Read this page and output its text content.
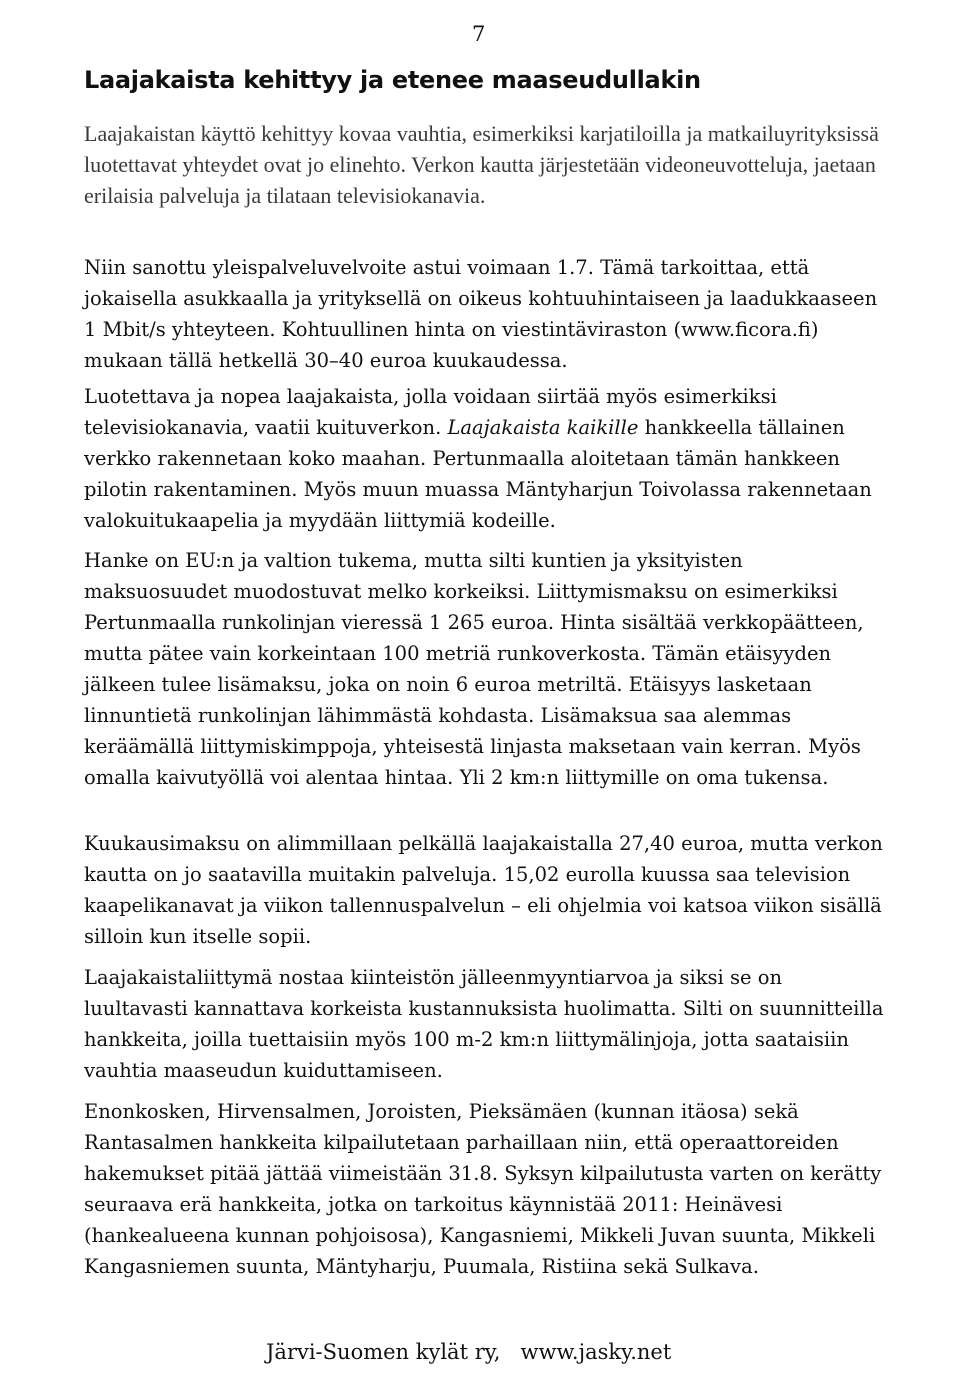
7
Laajakaista kehittyy ja etenee maaseudullakin

Laajakaistan käyttö kehittyy kovaa vauhtia, esimerkiksi karjatiloilla ja matkailuyrityksissä luotettavat yhteydet ovat jo elinehto. Verkon kautta järjestetään videoneuvotteluja, jaetaan erilaisia palveluja ja tilataan televisiokanavia.

Niin sanottu yleispalveluvelvoite astui voimaan 1.7. Tämä tarkoittaa, että jokaisella asukkaalla ja yrityksellä on oikeus kohtuuhintaiseen ja laadukkaaseen 1 Mbit/s yhteyteen. Kohtuullinen hinta on viestintäviraston (www.ficora.fi) mukaan tällä hetkellä 30–40 euroa kuukaudessa.

Luotettava ja nopea laajakaista, jolla voidaan siirtää myös esimerkiksi televisiokanavia, vaatii kuituverkon. Laajakaista kaikille hankkeella tällainen verkko rakennetaan koko maahan. Pertunmaalla aloitetaan tämän hankkeen pilotin rakentaminen. Myös muun muassa Mäntyharjun Toivolassa rakennetaan valokuitukaapelia ja myydään liittymiä kodeille.

Hanke on EU:n ja valtion tukema, mutta silti kuntien ja yksityisten maksuosuudet muodostuvat melko korkeiksi. Liittymismaksu on esimerkiksi Pertunmaalla runkolinjan vieressä 1 265 euroa. Hinta sisältää verkkopäätteen, mutta pätee vain korkeintaan 100 metriä runkoverkosta. Tämän etäisyyden jälkeen tulee lisämaksu, joka on noin 6 euroa metriltä. Etäisyys lasketaan linnuntietä runkolinjan lähimmästä kohdasta. Lisämaksua saa alemmas keräämällä liittymiskimppoja, yhteisestä linjasta maksetaan vain kerran. Myös omalla kaivutyöllä voi alentaa hintaa. Yli 2 km:n liittymille on oma tukensa.

Kuukausimaksu on alimmillaan pelkällä laajakaistalla 27,40 euroa, mutta verkon kautta on jo saatavilla muitakin palveluja. 15,02 eurolla kuussa saa television kaapelikanavat ja viikon tallennuspalvelun – eli ohjelmia voi katsoa viikon sisällä silloin kun itselle sopii.

Laajakaistaliittymä nostaa kiinteistön jälleenmyyntiarvoa ja siksi se on luultavasti kannattava korkeista kustannuksista huolimatta. Silti on suunnitteilla hankkeita, joilla tuettaisiin myös 100 m-2 km:n liittymälinjoja, jotta saataisiin vauhtia maaseudun kuiduttamiseen.

Enonkosken, Hirvensalmen, Joroisten, Pieksämäen (kunnan itäosa) sekä Rantasalmen hankkeita kilpailutetaan parhaillaan niin, että operaattoreiden hakemukset pitää jättää viimeistään 31.8. Syksyn kilpailutusta varten on kerätty seuraava erä hankkeita, jotka on tarkoitus käynnistää 2011: Heinävesi (hankealueena kunnan pohjoisosa), Kangasniemi, Mikkeli Juvan suunta, Mikkeli Kangasniemen suunta, Mäntyharju, Puumala, Ristiina sekä Sulkava.

Järvi-Suomen kylät ry,   www.jasky.net
